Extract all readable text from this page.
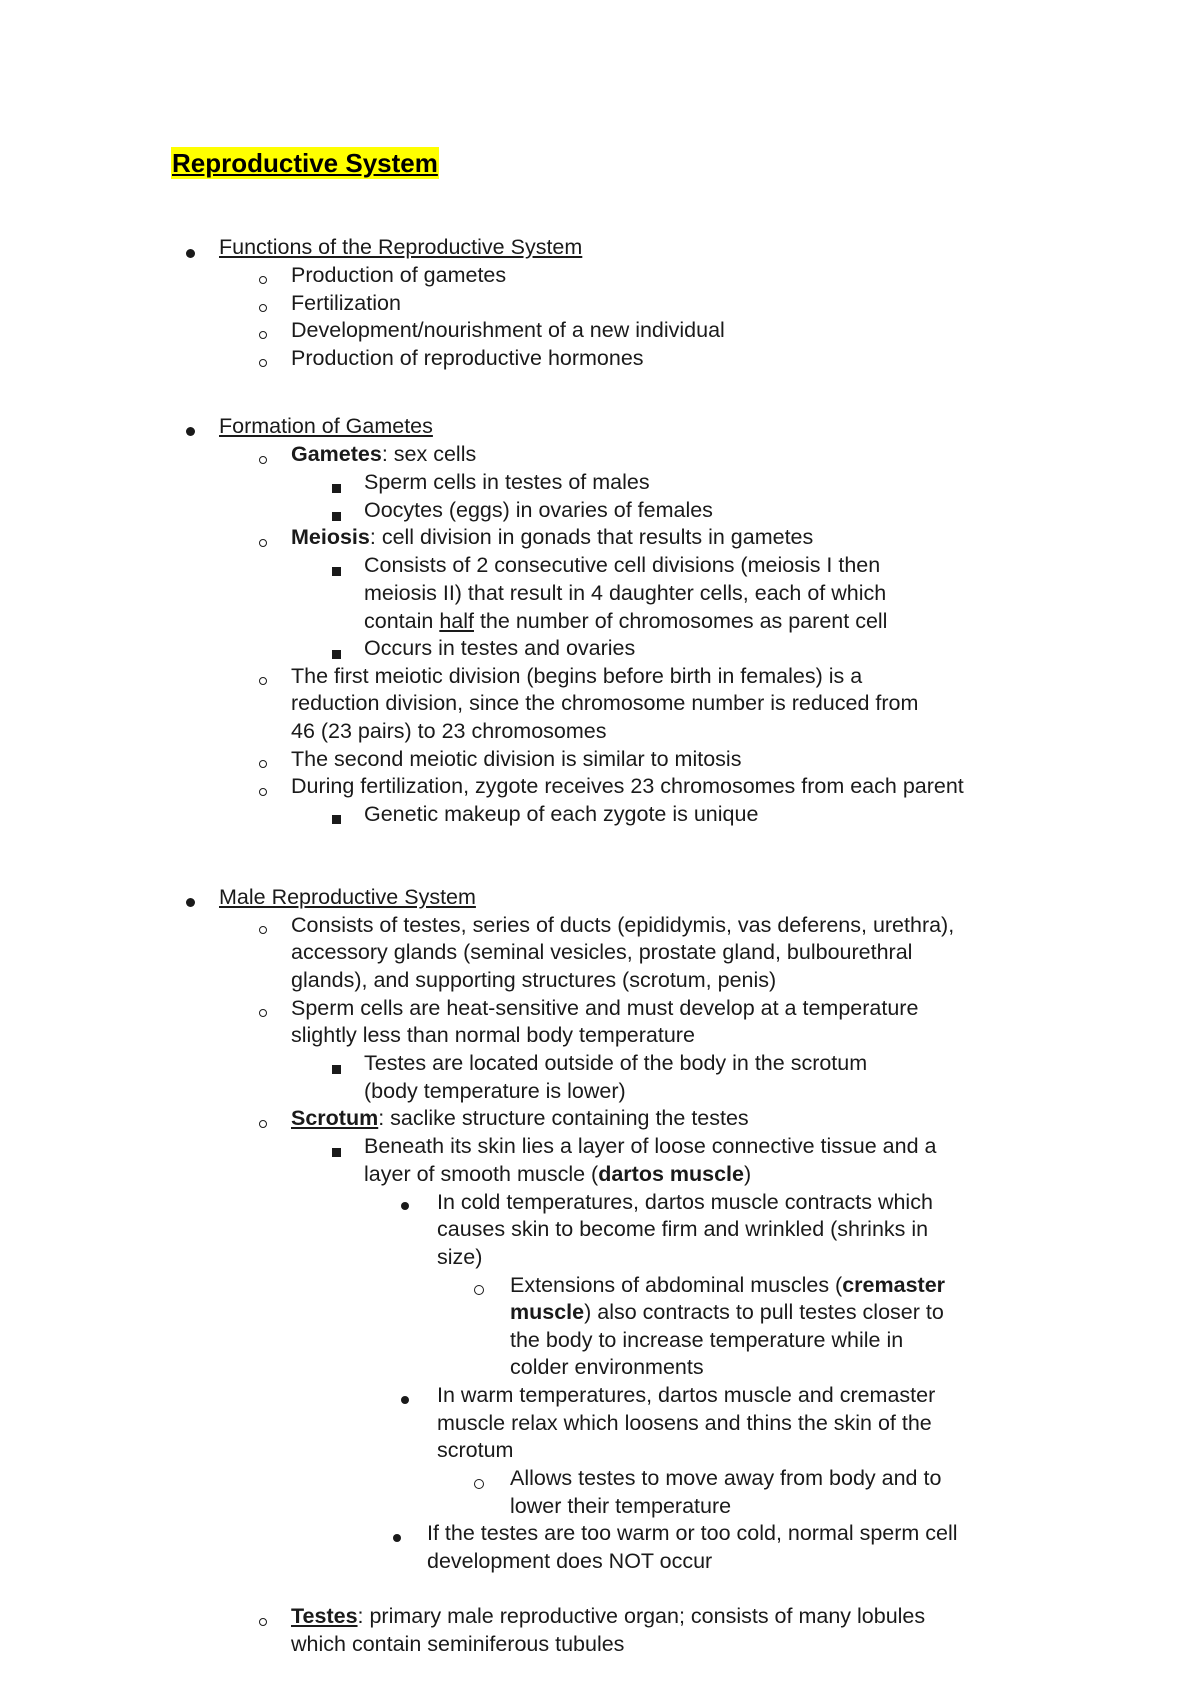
Reproductive System
Functions of the Reproductive System
Production of gametes
Fertilization
Development/nourishment of a new individual
Production of reproductive hormones
Formation of Gametes
Gametes: sex cells
Sperm cells in testes of males
Oocytes (eggs) in ovaries of females
Meiosis: cell division in gonads that results in gametes
Consists of 2 consecutive cell divisions (meiosis I then
meiosis II) that result in 4 daughter cells, each of which
contain half the number of chromosomes as parent cell
Occurs in testes and ovaries
The first meiotic division (begins before birth in females) is a
reduction division, since the chromosome number is reduced from
46 (23 pairs) to 23 chromosomes
The second meiotic division is similar to mitosis
During fertilization, zygote receives 23 chromosomes from each parent
Genetic makeup of each zygote is unique
Male Reproductive System
Consists of testes, series of ducts (epididymis, vas deferens, urethra),
accessory glands (seminal vesicles, prostate gland, bulbourethral
glands), and supporting structures (scrotum, penis)
Sperm cells are heat-sensitive and must develop at a temperature
slightly less than normal body temperature
Testes are located outside of the body in the scrotum
(body temperature is lower)
Scrotum: saclike structure containing the testes
Beneath its skin lies a layer of loose connective tissue and a
layer of smooth muscle (dartos muscle)
In cold temperatures, dartos muscle contracts which
causes skin to become firm and wrinkled (shrinks in
size)
Extensions of abdominal muscles (cremaster
muscle) also contracts to pull testes closer to
the body to increase temperature while in
colder environments
In warm temperatures, dartos muscle and cremaster
muscle relax which loosens and thins the skin of the
scrotum
Allows testes to move away from body and to
lower their temperature
If the testes are too warm or too cold, normal sperm cell
development does NOT occur
Testes: primary male reproductive organ; consists of many lobules
which contain seminiferous tubules
